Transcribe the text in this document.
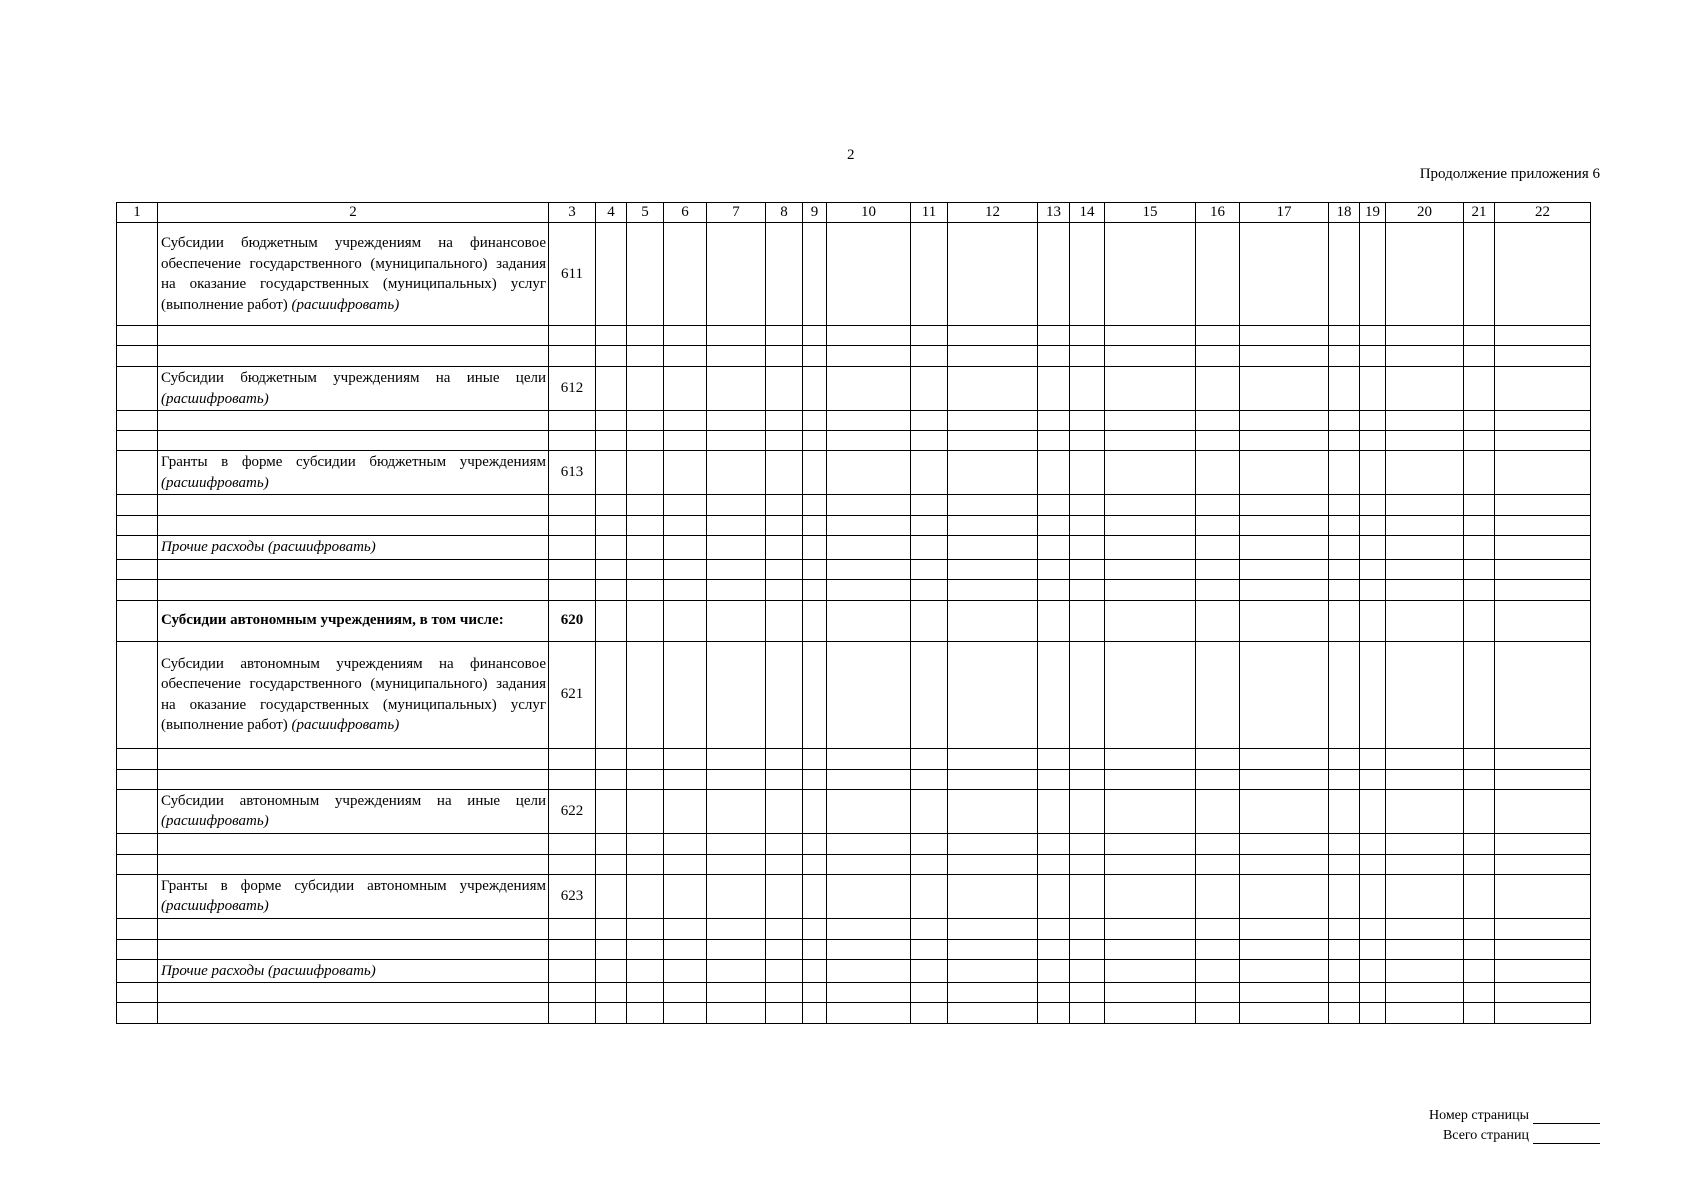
2
Продолжение приложения 6
1	2	3	4	5	6	7	8	9	10	11	12	13	14	15	16	17	18	19	20	21	22
	Субсидии бюджетным учреждениям на финансовое обеспечение государственного (муниципального) задания на оказание государственных (муниципальных) услуг (выполнение работ) (расшифровать)	611																			

	Субсидии бюджетным учреждениям на иные цели (расшифровать)	612																			

	Гранты в форме субсидии бюджетным учреждениям (расшифровать)	613																			

	Прочие расходы (расшифровать)																				

	Субсидии автономным учреждениям, в том числе:	620																			
	Субсидии автономным учреждениям на финансовое обеспечение государственного (муниципального) задания на оказание государственных (муниципальных) услуг (выполнение работ) (расшифровать)	621																			

	Субсидии автономным учреждениям на иные цели (расшифровать)	622																			

	Гранты в форме субсидии автономным учреждениям (расшифровать)	623																			

	Прочие расходы (расшифровать)																				

Номер страницы
Всего страниц
